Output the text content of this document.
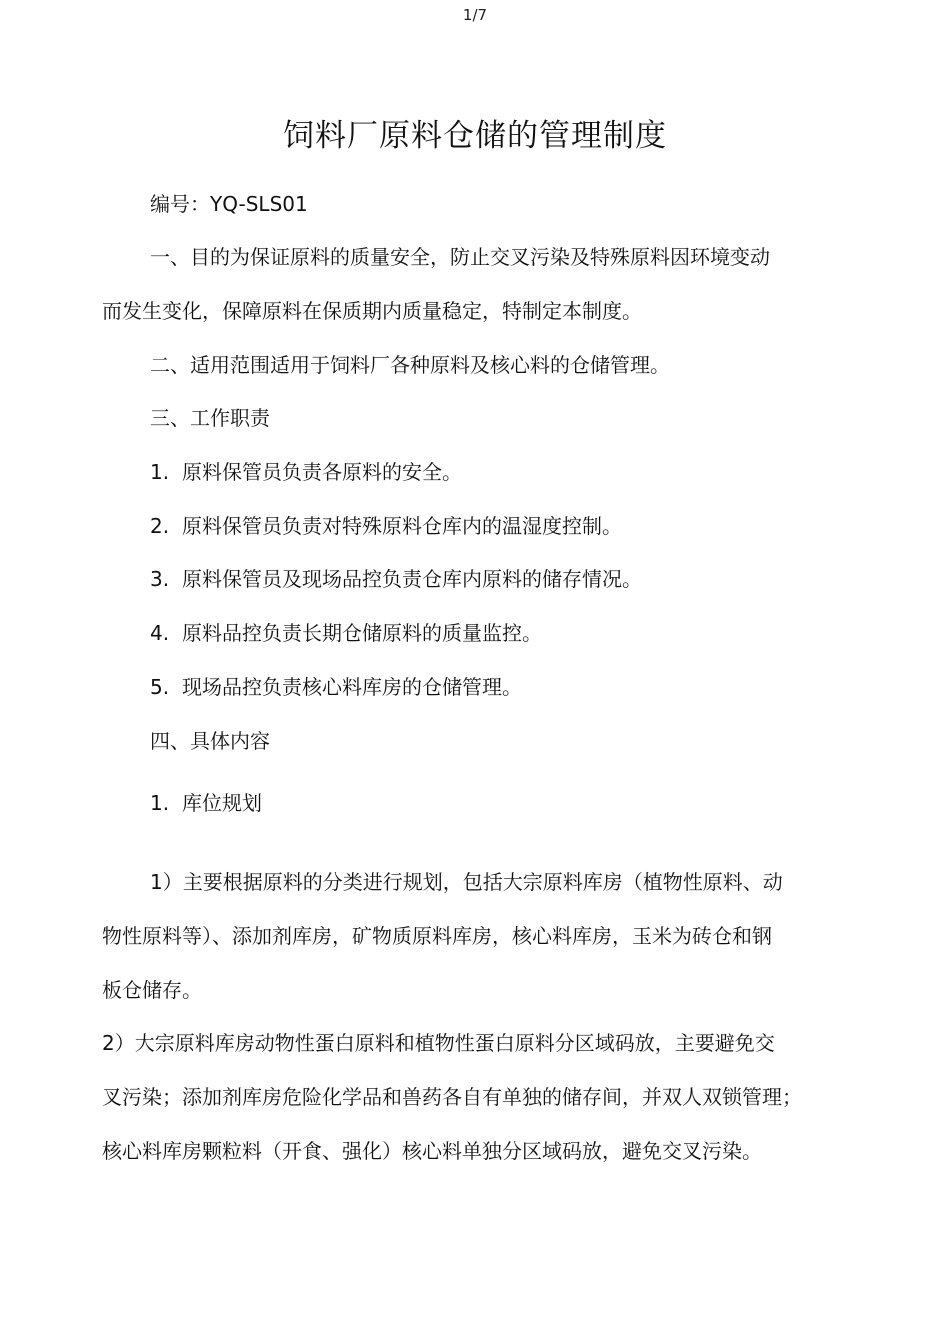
1/7
饲料厂原料仓储的管理制度
编号：YQ-SLS01
一、目的为保证原料的质量安全，防止交叉污染及特殊原料因环境变动
而发生变化，保障原料在保质期内质量稳定，特制定本制度。
二、适用范围适用于饲料厂各种原料及核心料的仓储管理。
三、工作职责
1. 原料保管员负责各原料的安全。
2. 原料保管员负责对特殊原料仓库内的温湿度控制。
3. 原料保管员及现场品控负责仓库内原料的储存情况。
4. 原料品控负责长期仓储原料的质量监控。
5. 现场品控负责核心料库房的仓储管理。
四、具体内容
1. 库位规划
1）主要根据原料的分类进行规划，包括大宗原料库房（植物性原料、动
物性原料等）、添加剂库房，矿物质原料库房，核心料库房，玉米为砖仓和钢
板仓储存。
2）大宗原料库房动物性蛋白原料和植物性蛋白原料分区域码放，主要避免交
叉污染；添加剂库房危险化学品和兽药各自有单独的储存间，并双人双锁管理；
核心料库房颗粒料（开食、强化）核心料单独分区域码放，避免交叉污染。
